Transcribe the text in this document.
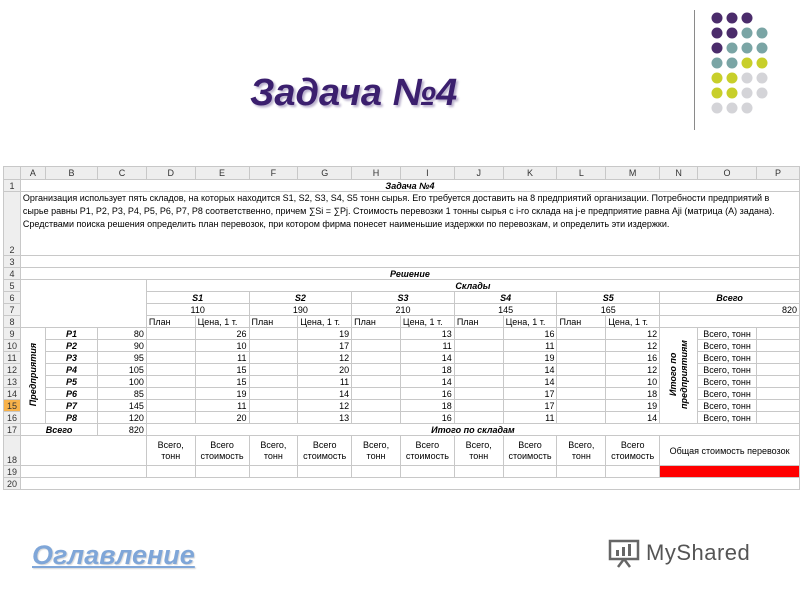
Задача №4
	A	B	C	D	E	F	G	H	I	J	K	L	M	N	O	P
1	Задача №4															
2	Организация использует пять складов, на которых находится S1, S2, S3, S4, S5 тонн сырья. Его требуется доставить на 8 предприятий организации. Потребности предприятий в сырье равны P1, P2, P3, P4, P5, P6, P7, P8 соответственно, причем ∑Si = ∑Pj. Стоимость перевозки 1 тонны сырья с i-го склада на j-е предприятие равна Aji (матрица (A) задана). Средствами поиска решения определить план перевозок, при котором фирма понесет наименьшие издержки по перевозкам, и определить эти издержки.															
3																
4	Решение															
5				Склады												
6				S1		S2		S3		S4		S5		Всего		
7				110		190		210		145		165		820		
8				План	Цена, 1 т.	План	Цена, 1 т.	План	Цена, 1 т.	План	Цена, 1 т.	План	Цена, 1 т.			
9	Предприятия	P1	80		26		19		13		16		12	Итого по предприятиям	Всего, тонн	
10		P2	90		10		17		11		11		12		Всего, тонн	
11		P3	95		11		12		14		19		16		Всего, тонн	
12		P4	105		15		20		18		14		12		Всего, тонн	
13		P5	100		15		11		14		14		10		Всего, тонн	
14		P6	85		19		14		16		17		18		Всего, тонн	
15		P7	145		11		12		18		17		19		Всего, тонн	
16		P8	120		20		13		16		11		14		Всего, тонн	
17	Всего		820	Итого по складам												
18				Всего, тонн	Всего стоимость	Всего, тонн	Всего стоимость	Всего, тонн	Всего стоимость	Всего, тонн	Всего стоимость	Всего, тонн	Всего стоимость	Общая стоимость перевозок		
19																
20																
Оглавление	MyShared
